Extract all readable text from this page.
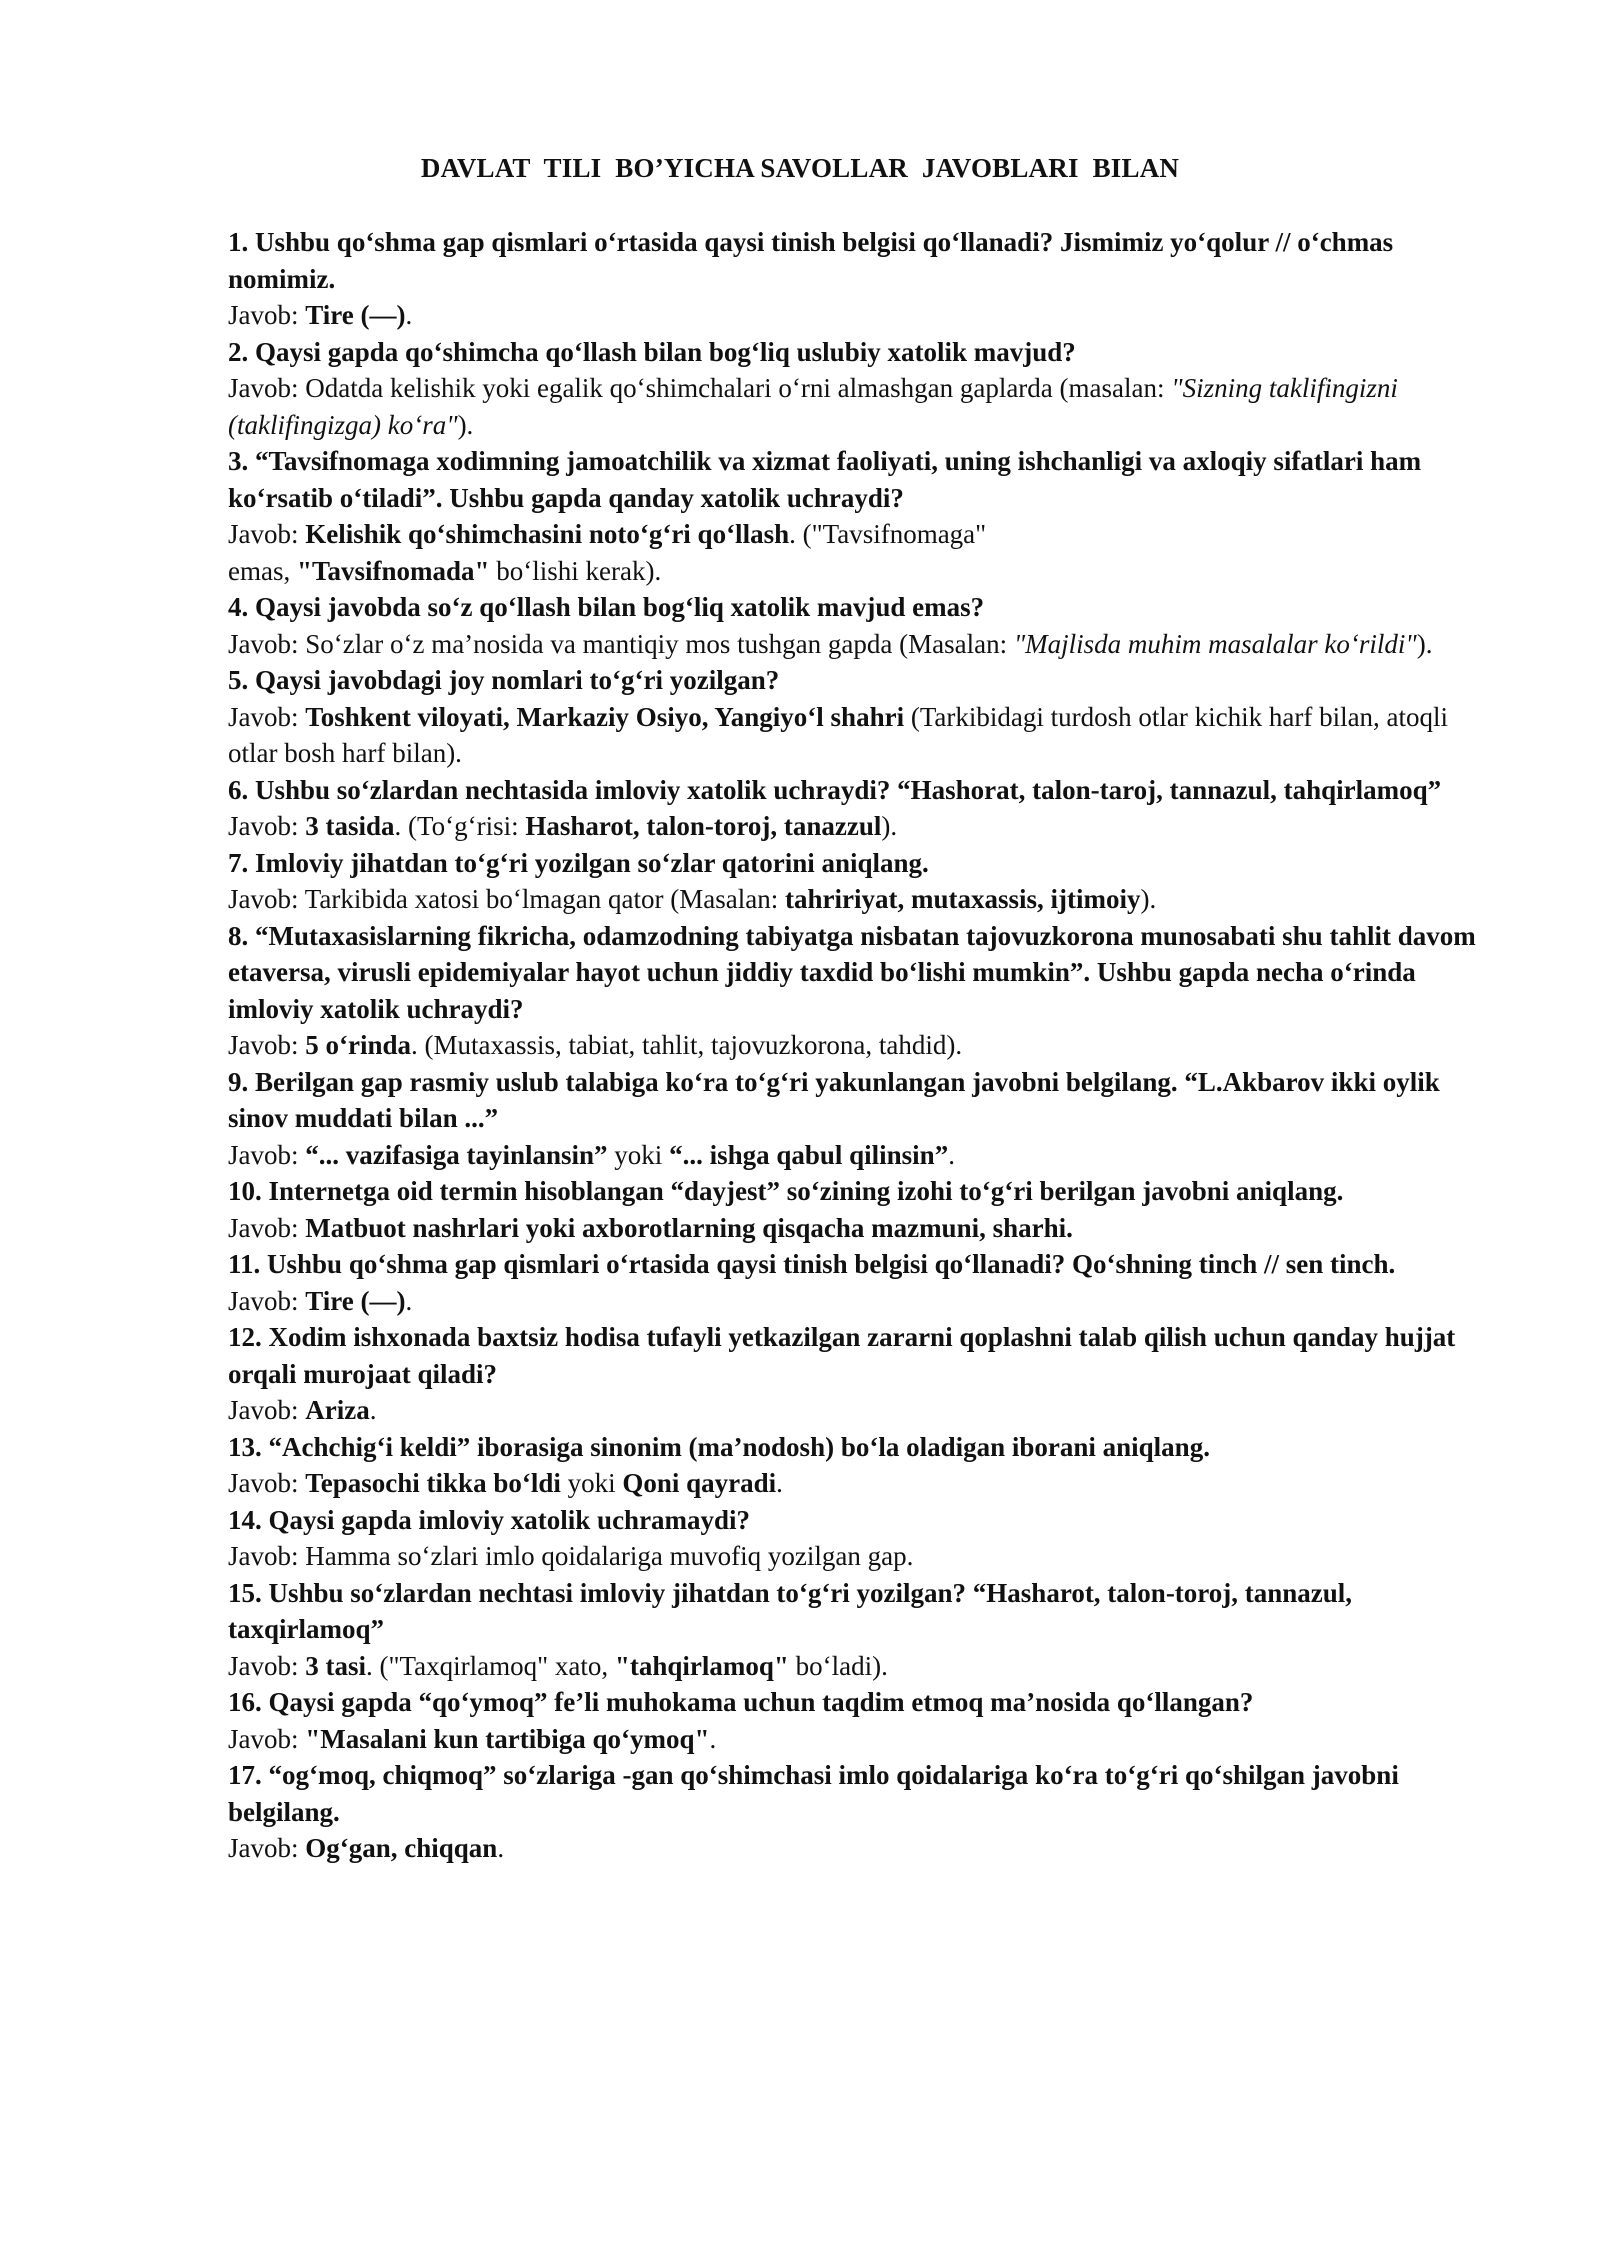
DAVLAT  TILI  BO’YICHA SAVOLLAR  JAVOBLARI  BILAN

1. Ushbu qo‘shma gap qismlari o‘rtasida qaysi tinish belgisi qo‘llanadi? Jismimiz yo‘qolur // o‘chmas nomimiz.

Javob: Tire (—).

2. Qaysi gapda qo‘shimcha qo‘llash bilan bog‘liq uslubiy xatolik mavjud?

Javob: Odatda kelishik yoki egalik qo‘shimchalari o‘rni almashgan gaplarda (masalan: "Sizning taklifingizni (taklifingizga) ko‘ra").

3. “Tavsifnomaga xodimning jamoatchilik va xizmat faoliyati, uning ishchanligi va axloqiy sifatlari ham ko‘rsatib o‘tiladi”. Ushbu gapda qanday xatolik uchraydi?

Javob: Kelishik qo‘shimchasini noto‘g‘ri qo‘llash. ("Tavsifnomaga"
emas, "Tavsifnomada" bo‘lishi kerak).

4. Qaysi javobda so‘z qo‘llash bilan bog‘liq xatolik mavjud emas?

Javob: So‘zlar o‘z ma’nosida va mantiqiy mos tushgan gapda (Masalan: "Majlisda muhim masalalar ko‘rildi").

5. Qaysi javobdagi joy nomlari to‘g‘ri yozilgan?

Javob: Toshkent viloyati, Markaziy Osiyo, Yangiyo‘l shahri (Tarkibidagi turdosh otlar kichik harf bilan, atoqli otlar bosh harf bilan).

6. Ushbu so‘zlardan nechtasida imloviy xatolik uchraydi? “Hashorat, talon-taroj, tannazul, tahqirlamoq”

Javob: 3 tasida. (To‘g‘risi: Hasharot, talon-toroj, tanazzul).

7. Imloviy jihatdan to‘g‘ri yozilgan so‘zlar qatorini aniqlang.

Javob: Tarkibida xatosi bo‘lmagan qator (Masalan: tahririyat, mutaxassis, ijtimoiy).

8. “Mutaxasislarning fikricha, odamzodning tabiyatga nisbatan tajovuzkorona munosabati shu tahlit davom etaversa, virusli epidemiyalar hayot uchun jiddiy taxdid bo‘lishi mumkin”. Ushbu gapda necha o‘rinda imloviy xatolik uchraydi?

Javob: 5 o‘rinda. (Mutaxassis, tabiat, tahlit, tajovuzkorona, tahdid).

9. Berilgan gap rasmiy uslub talabiga ko‘ra to‘g‘ri yakunlangan javobni belgilang. “L.Akbarov ikki oylik sinov muddati bilan ...”

Javob: “... vazifasiga tayinlansin” yoki “... ishga qabul qilinsin”.

10. Internetga oid termin hisoblangan “dayjest” so‘zining izohi to‘g‘ri berilgan javobni aniqlang.

Javob: Matbuot nashrlari yoki axborotlarning qisqacha mazmuni, sharhi.

11. Ushbu qo‘shma gap qismlari o‘rtasida qaysi tinish belgisi qo‘llanadi? Qo‘shning tinch // sen tinch.

Javob: Tire (—).

12. Xodim ishxonada baxtsiz hodisa tufayli yetkazilgan zararni qoplashni talab qilish uchun qanday hujjat orqali murojaat qiladi?

Javob: Ariza.

13. “Achchig‘i keldi” iborasiga sinonim (ma’nodosh) bo‘la oladigan iborani aniqlang.

Javob: Tepasochi tikka bo‘ldi yoki Qoni qayradi.

14. Qaysi gapda imloviy xatolik uchramaydi?

Javob: Hamma so‘zlari imlo qoidalariga muvofiq yozilgan gap.

15. Ushbu so‘zlardan nechtasi imloviy jihatdan to‘g‘ri yozilgan? “Hasharot, talon-toroj, tannazul, taxqirlamoq”

Javob: 3 tasi. ("Taxqirlamoq" xato, "tahqirlamoq" bo‘ladi).

16. Qaysi gapda “qo‘ymoq” fe’li muhokama uchun taqdim etmoq ma’nosida qo‘llangan?

Javob: "Masalani kun tartibiga qo‘ymoq".

17. “og‘moq, chiqmoq” so‘zlariga -gan qo‘shimchasi imlo qoidalariga ko‘ra to‘g‘ri qo‘shilgan javobni belgilang.

Javob: Og‘gan, chiqqan.
